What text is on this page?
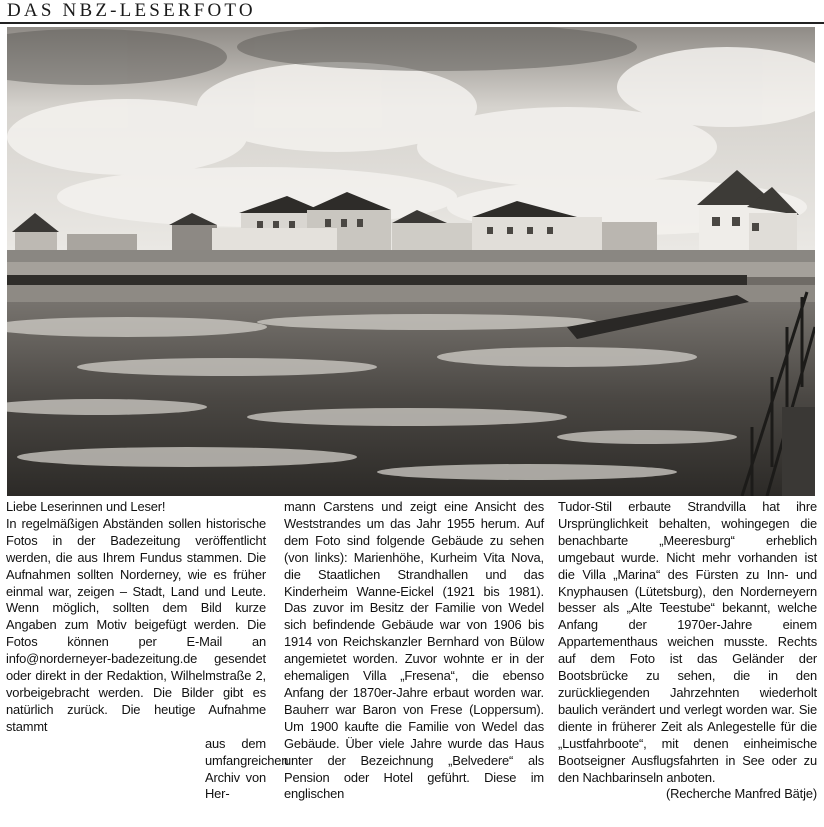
DAS NBZ-LESERFOTO

Liebe Leserinnen und Leser!

In regelmäßigen Abständen sollen historische Fotos in der Badezeitung veröffentlicht werden, die aus Ihrem Fundus stammen. Die Aufnahmen sollten Norderney, wie es früher einmal war, zeigen – Stadt, Land und Leute. Wenn möglich, sollten dem Bild kurze Angaben zum Motiv beigefügt werden. Die Fotos können per E-Mail an info@norderneyer-badezeitung.de gesendet oder direkt in der Redaktion, Wilhelmstraße 2, vorbeigebracht werden. Die Bilder gibt es natürlich zurück. Die heutige Aufnahme stammt

aus dem umfangreichen Archiv von Her-

mann Carstens und zeigt eine Ansicht des Weststrandes um das Jahr 1955 herum. Auf dem Foto sind folgende Gebäude zu sehen (von links): Marienhöhe, Kurheim Vita Nova, die Staatlichen Strandhallen und das Kinderheim Wanne-Eickel (1921 bis 1981). Das zuvor im Besitz der Familie von Wedel sich befindende Gebäude war von 1906 bis 1914 von Reichskanzler Bernhard von Bülow angemietet worden. Zuvor wohnte er in der ehemaligen Villa „Fresena“, die ebenso Anfang der 1870er-Jahre erbaut worden war. Bauherr war Baron von Frese (Loppersum). Um 1900 kaufte die Familie von Wedel das Gebäude. Über viele Jahre wurde das Haus unter der Bezeichnung „Belvedere“ als Pension oder Hotel geführt. Diese im englischen

Tudor-Stil erbaute Strandvilla hat ihre Ursprünglichkeit behalten, wohingegen die benachbarte „Meeresburg“ erheblich umgebaut wurde. Nicht mehr vorhanden ist die Villa „Marina“ des Fürsten zu Inn- und Knyphausen (Lütetsburg), den Norderneyern besser als „Alte Teestube“ bekannt, welche Anfang der 1970er-Jahre einem Appartementhaus weichen musste. Rechts auf dem Foto ist das Geländer der Bootsbrücke zu sehen, die in den zurückliegenden Jahrzehnten wiederholt baulich verändert und verlegt worden war. Sie diente in früherer Zeit als Anlegestelle für die „Lustfahrboote“, mit denen einheimische Bootseigner Ausflugsfahrten in See oder zu den Nachbarinseln anboten.

(Recherche Manfred Bätje)
